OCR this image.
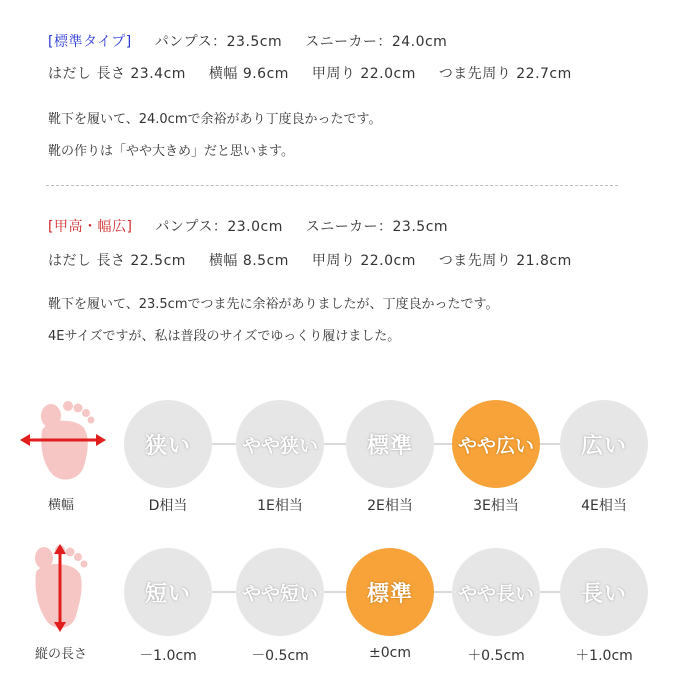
[標準タイプ] パンプス：23.5cm スニーカー：24.0cm
はだし 長さ 23.4cm 横幅 9.6cm 甲周り 22.0cm つま先周り 22.7cm
靴下を履いて、24.0cmで余裕があり丁度良かったです。
靴の作りは「やや大きめ」だと思います。
[甲高・幅広] パンプス：23.0cm スニーカー：23.5cm
はだし 長さ 22.5cm 横幅 8.5cm 甲周り 22.0cm つま先周り 21.8cm
靴下を履いて、23.5cmでつま先に余裕がありましたが、丁度良かったです。
4Eサイズですが、私は普段のサイズでゆっくり履けました。
横幅
狭い	やや狭い	標準	やや広い	広い
D相当	1E相当	2E相当	3E相当	4E相当
縦の長さ
短い	やや短い	標準	やや長い	長い
－1.0cm	－0.5cm	±0cm	＋0.5cm	＋1.0cm
